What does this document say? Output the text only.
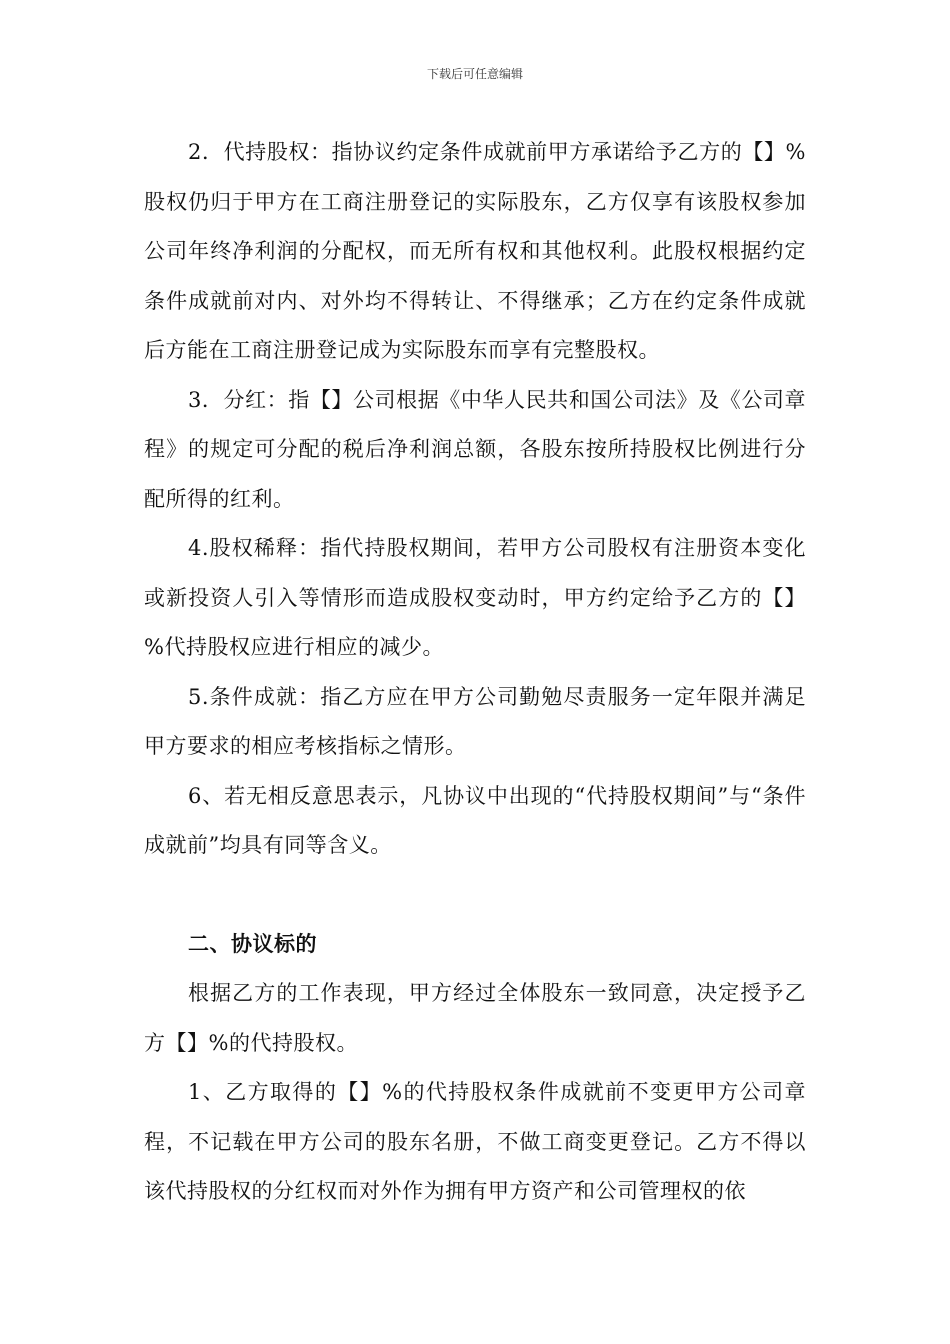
下载后可任意编辑

2．代持股权：指协议约定条件成就前甲方承诺给予乙方的【】%股权仍归于甲方在工商注册登记的实际股东，乙方仅享有该股权参加公司年终净利润的分配权，而无所有权和其他权利。此股权根据约定条件成就前对内、对外均不得转让、不得继承；乙方在约定条件成就后方能在工商注册登记成为实际股东而享有完整股权。

3．分红：指【】公司根据《中华人民共和国公司法》及《公司章程》的规定可分配的税后净利润总额，各股东按所持股权比例进行分配所得的红利。

4.股权稀释：指代持股权期间，若甲方公司股权有注册资本变化或新投资人引入等情形而造成股权变动时，甲方约定给予乙方的【】%代持股权应进行相应的减少。

5.条件成就：指乙方应在甲方公司勤勉尽责服务一定年限并满足甲方要求的相应考核指标之情形。

6、若无相反意思表示，凡协议中出现的“代持股权期间”与“条件成就前”均具有同等含义。

二、协议标的

根据乙方的工作表现，甲方经过全体股东一致同意，决定授予乙方【】%的代持股权。

1、乙方取得的【】%的代持股权条件成就前不变更甲方公司章程，不记载在甲方公司的股东名册，不做工商变更登记。乙方不得以该代持股权的分红权而对外作为拥有甲方资产和公司管理权的依
